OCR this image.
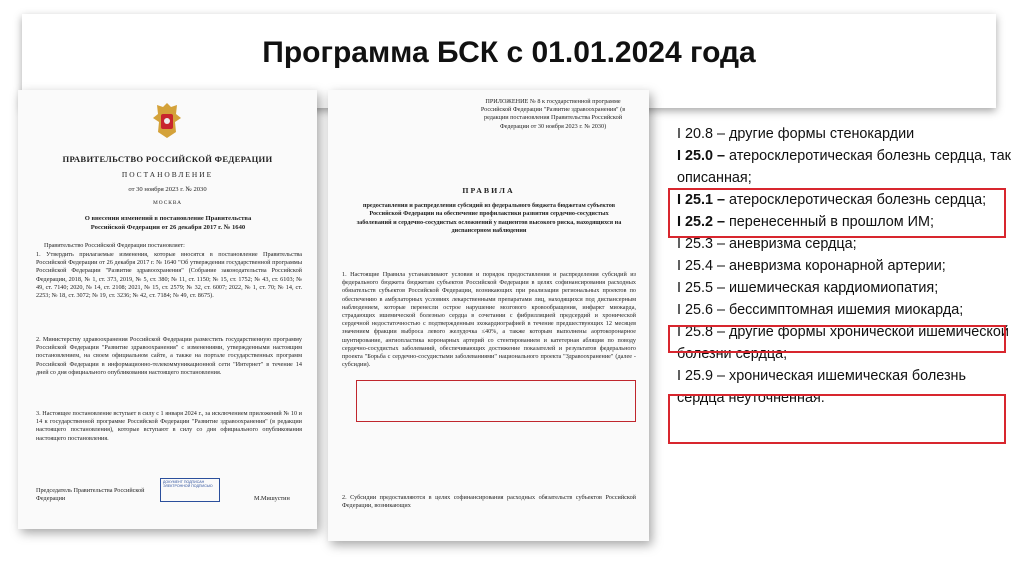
Программа БСК с 01.01.2024 года

ПРАВИТЕЛЬСТВО РОССИЙСКОЙ ФЕДЕРАЦИИ

ПОСТАНОВЛЕНИЕ

от 30 ноября 2023 г. № 2030

МОСКВА

О внесении изменений в постановление Правительства Российской Федерации от 26 декабря 2017 г. № 1640

Правительство Российской Федерации постановляет:

1. Утвердить прилагаемые изменения, которые вносятся в постановление Правительства Российской Федерации от 26 декабря 2017 г. № 1640 "Об утверждении государственной программы Российской Федерации "Развитие здравоохранения" (Собрание законодательства Российской Федерации, 2018, № 1, ст. 373, 2019, № 5, ст. 380; № 11, ст. 1150; № 15, ст. 1752; № 43, ст. 6103; № 49, ст. 7140; 2020, № 14, ст. 2108; 2021, № 15, ст. 2579; № 32, ст. 6007; 2022, № 1, ст. 70; № 14, ст. 2253; № 18, ст. 3072; № 19, ст. 3236; № 42, ст. 7184; № 49, ст. 8675).

2. Министерству здравоохранения Российской Федерации разместить государственную программу Российской Федерации "Развитие здравоохранения" с изменениями, утвержденными настоящим постановлением, на своем официальном сайте, а также на портале государственных программ Российской Федерации в информационно-телекоммуникационной сети "Интернет" в течение 14 дней со дня официального опубликования настоящего постановления.

3. Настоящее постановление вступает в силу с 1 января 2024 г., за исключением приложений № 10 и 14 к государственной программе Российской Федерации "Развитие здравоохранения" (в редакции настоящего постановления), которые вступают в силу со дня официального опубликования настоящего постановления.

Председатель Правительства Российской Федерации

ДОКУМЕНТ ПОДПИСАН ЭЛЕКТРОННОЙ ПОДПИСЬЮ

М.Мишустин

ПРИЛОЖЕНИЕ № 8 к государственной программе Российской Федерации "Развитие здравоохранения" (в редакции постановления Правительства Российской Федерации от 30 ноября 2023 г. № 2030)

ПРАВИЛА

предоставления и распределения субсидий из федерального бюджета бюджетам субъектов Российской Федерации на обеспечение профилактики развития сердечно-сосудистых заболеваний и сердечно-сосудистых осложнений у пациентов высокого риска, находящихся на диспансерном наблюдении

1. Настоящие Правила устанавливают условия и порядок предоставления и распределения субсидий из федерального бюджета бюджетам субъектов Российской Федерации в целях софинансирования расходных обязательств субъектов Российской Федерации, возникающих при реализации региональных проектов по обеспечению в амбулаторных условиях лекарственными препаратами лиц, находящихся под диспансерным наблюдением, которые перенесли острое нарушение мозгового кровообращения, инфаркт миокарда, страдающих ишемической болезнью сердца в сочетании с фибрилляцией предсердий и хронической сердечной недостаточностью с подтвержденным эхокардиографией в течение предшествующих 12 месяцев значением фракции выброса левого желудочка ≤40%, а также которым выполнены аортокоронарное шунтирование, ангиопластика коронарных артерий со стентированием и катетерная абляция по поводу сердечно-сосудистых заболеваний, обеспечивающих достижение показателей и результатов федерального проекта "Борьба с сердечно-сосудистыми заболеваниями" национального проекта "Здравоохранение" (далее - субсидии).

2. Субсидии предоставляются в целях софинансирования расходных обязательств субъектов Российской Федерации, возникающих

I 20.8 – другие формы стенокардии
I 25.0 – атеросклеротическая болезнь сердца, так описанная;
I 25.1 – атеросклеротическая болезнь сердца;
I 25.2 – перенесенный в прошлом ИМ;
I 25.3 – аневризма сердца;
I 25.4 – аневризма коронарной артерии;
I 25.5 – ишемическая кардиомиопатия;
I 25.6 – бессимптомная ишемия миокарда;
I 25.8 – другие формы хронической ишемической болезни сердца;
I 25.9 – хроническая ишемическая болезнь сердца неуточненная.
